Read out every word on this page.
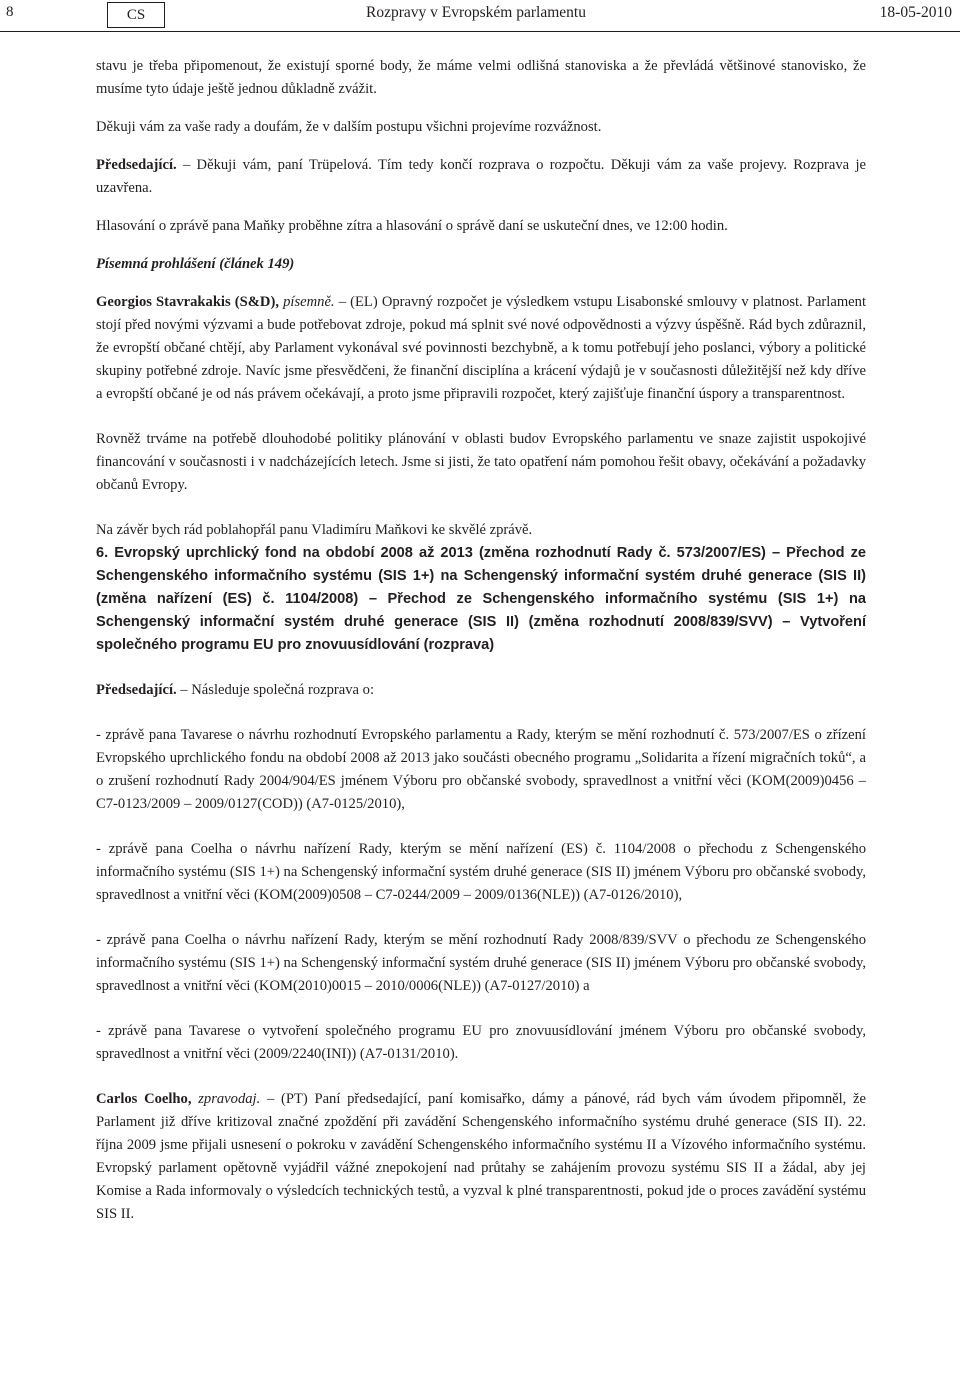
8	CS	Rozpravy v Evropském parlamentu	18-05-2010

stavu je třeba připomenout, že existují sporné body, že máme velmi odlišná stanoviska a že převládá většinové stanovisko, že musíme tyto údaje ještě jednou důkladně zvážit.

Děkuji vám za vaše rady a doufám, že v dalším postupu všichni projevíme rozvážnost.

Předsedající. – Děkuji vám, paní Trüpelová. Tím tedy končí rozprava o rozpočtu. Děkuji vám za vaše projevy. Rozprava je uzavřena.

Hlasování o zprávě pana Maňky proběhne zítra a hlasování o správě daní se uskuteční dnes, ve 12:00 hodin.

Písemná prohlášení (článek 149)

Georgios Stavrakakis (S&D), písemně. – (EL) Opravný rozpočet je výsledkem vstupu Lisabonské smlouvy v platnost. Parlament stojí před novými výzvami a bude potřebovat zdroje, pokud má splnit své nové odpovědnosti a výzvy úspěšně. Rád bych zdůraznil, že evropští občané chtějí, aby Parlament vykonával své povinnosti bezchybně, a k tomu potřebují jeho poslanci, výbory a politické skupiny potřebné zdroje. Navíc jsme přesvědčeni, že finanční disciplína a krácení výdajů je v současnosti důležitější než kdy dříve a evropští občané je od nás právem očekávají, a proto jsme připravili rozpočet, který zajišťuje finanční úspory a transparentnost.

Rovněž trváme na potřebě dlouhodobé politiky plánování v oblasti budov Evropského parlamentu ve snaze zajistit uspokojivé financování v současnosti i v nadcházejících letech. Jsme si jisti, že tato opatření nám pomohou řešit obavy, očekávání a požadavky občanů Evropy.

Na závěr bych rád poblahopřál panu Vladimíru Maňkovi ke skvělé zprávě.

6. Evropský uprchlický fond na období 2008 až 2013 (změna rozhodnutí Rady č. 573/2007/ES) – Přechod ze Schengenského informačního systému (SIS 1+) na Schengenský informační systém druhé generace (SIS II) (změna nařízení (ES) č. 1104/2008) – Přechod ze Schengenského informačního systému (SIS 1+) na Schengenský informační systém druhé generace (SIS II) (změna rozhodnutí 2008/839/SVV) – Vytvoření společného programu EU pro znovuusídlování (rozprava)

Předsedající. – Následuje společná rozprava o:

- zprávě pana Tavarese o návrhu rozhodnutí Evropského parlamentu a Rady, kterým se mění rozhodnutí č. 573/2007/ES o zřízení Evropského uprchlického fondu na období 2008 až 2013 jako součásti obecného programu „Solidarita a řízení migračních toků“, a o zrušení rozhodnutí Rady 2004/904/ES jménem Výboru pro občanské svobody, spravedlnost a vnitřní věci (KOM(2009)0456 – C7-0123/2009 – 2009/0127(COD)) (A7-0125/2010),

- zprávě pana Coelha o návrhu nařízení Rady, kterým se mění nařízení (ES) č. 1104/2008 o přechodu z Schengenského informačního systému (SIS 1+) na Schengenský informační systém druhé generace (SIS II) jménem Výboru pro občanské svobody, spravedlnost a vnitřní věci (KOM(2009)0508 – C7-0244/2009 – 2009/0136(NLE)) (A7-0126/2010),

- zprávě pana Coelha o návrhu nařízení Rady, kterým se mění rozhodnutí Rady 2008/839/SVV o přechodu ze Schengenského informačního systému (SIS 1+) na Schengenský informační systém druhé generace (SIS II) jménem Výboru pro občanské svobody, spravedlnost a vnitřní věci (KOM(2010)0015 – 2010/0006(NLE)) (A7-0127/2010) a

- zprávě pana Tavarese o vytvoření společného programu EU pro znovuusídlování jménem Výboru pro občanské svobody, spravedlnost a vnitřní věci (2009/2240(INI)) (A7-0131/2010).

Carlos Coelho, zpravodaj. – (PT) Paní předsedající, paní komisařko, dámy a pánové, rád bych vám úvodem připomněl, že Parlament již dříve kritizoval značné zpoždění při zavádění Schengenského informačního systému druhé generace (SIS II). 22. října 2009 jsme přijali usnesení o pokroku v zavádění Schengenského informačního systému II a Vízového informačního systému. Evropský parlament opětovně vyjádřil vážné znepokojení nad průtahy se zahájením provozu systému SIS II a žádal, aby jej Komise a Rada informovaly o výsledcích technických testů, a vyzval k plné transparentnosti, pokud jde o proces zavádění systému SIS II.
